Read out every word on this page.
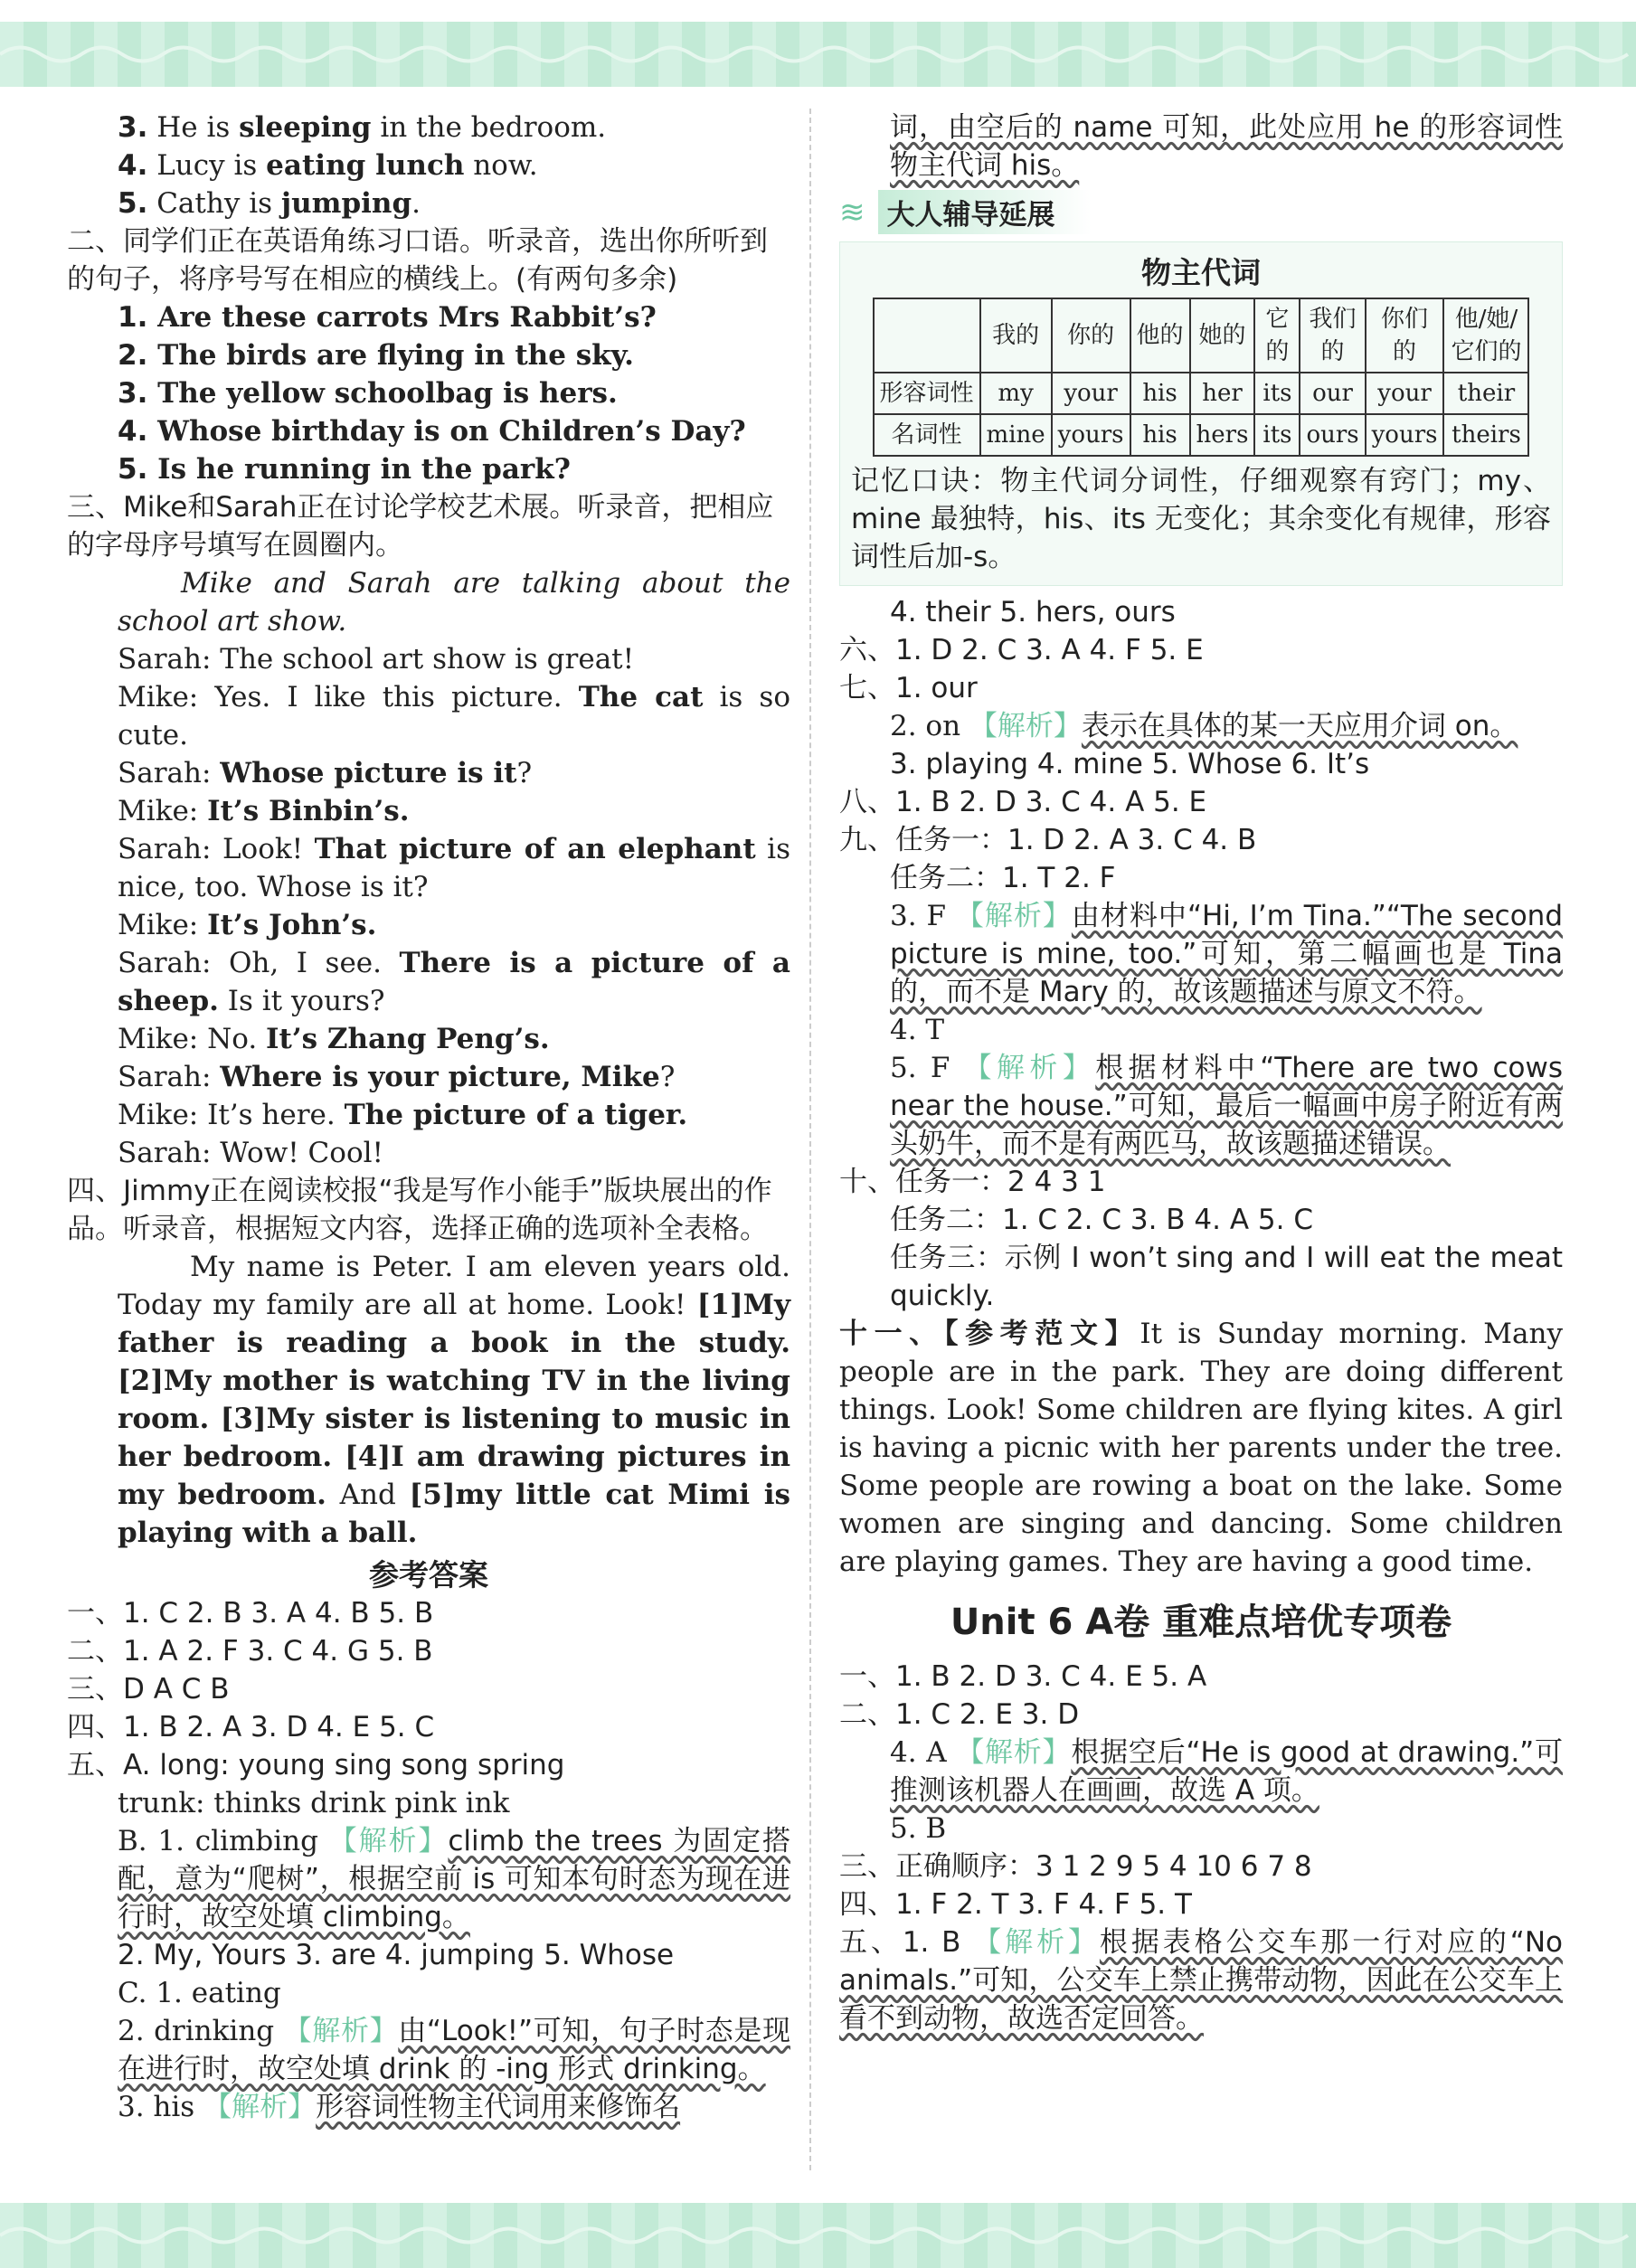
3. He is sleeping in the bedroom.
4. Lucy is eating lunch now.
5. Cathy is jumping.
二、同学们正在英语角练习口语。听录音，选出你所听到的句子，将序号写在相应的横线上。(有两句多余)
1. Are these carrots Mrs Rabbit’s?
2. The birds are flying in the sky.
3. The yellow schoolbag is hers.
4. Whose birthday is on Children’s Day?
5. Is he running in the park?
三、Mike和Sarah正在讨论学校艺术展。听录音，把相应的字母序号填写在圆圈内。
Mike and Sarah are talking about the school art show.
Sarah: The school art show is great!
Mike: Yes. I like this picture. The cat is so cute.
Sarah: Whose picture is it?
Mike: It’s Binbin’s.
Sarah: Look! That picture of an elephant is nice, too. Whose is it?
Mike: It’s John’s.
Sarah: Oh, I see. There is a picture of a sheep. Is it yours?
Mike: No. It’s Zhang Peng’s.
Sarah: Where is your picture, Mike?
Mike: It’s here. The picture of a tiger.
Sarah: Wow! Cool!
四、Jimmy正在阅读校报“我是写作小能手”版块展出的作品。听录音，根据短文内容，选择正确的选项补全表格。
My name is Peter. I am eleven years old. Today my family are all at home. Look! [1]My father is reading a book in the study. [2]My mother is watching TV in the living room. [3]My sister is listening to music in her bedroom. [4]I am drawing pictures in my bedroom. And [5]my little cat Mimi is playing with a ball.
参考答案
一、1. C 2. B 3. A 4. B 5. B
二、1. A 2. F 3. C 4. G 5. B
三、D A C B
四、1. B 2. A 3. D 4. E 5. C
五、A. long: young sing song spring
trunk: thinks drink pink ink
B. 1. climbing 【解析】climb the trees 为固定搭配，意为“爬树”，根据空前 is 可知本句时态为现在进行时，故空处填 climbing。
2. My, Yours 3. are 4. jumping 5. Whose
C. 1. eating
2. drinking 【解析】由“Look!”可知，句子时态是现在进行时，故空处填 drink 的 -ing 形式 drinking。
3. his 【解析】形容词性物主代词用来修饰名
词，由空后的 name 可知，此处应用 he 的形容词性物主代词 his。
≋ 大人辅导延展
物主代词
	我的	你的	他的	她的	它的	我们的	你们的	他/她/它们的
形容词性	my	your	his	her	its	our	your	their
名词性	mine	yours	his	hers	its	ours	yours	theirs
记忆口诀：物主代词分词性，仔细观察有窍门；my、mine 最独特，his、its 无变化；其余变化有规律，形容词性后加-s。
4. their 5. hers, ours
六、1. D 2. C 3. A 4. F 5. E
七、1. our
2. on 【解析】表示在具体的某一天应用介词 on。
3. playing 4. mine 5. Whose 6. It’s
八、1. B 2. D 3. C 4. A 5. E
九、任务一：1. D 2. A 3. C 4. B
任务二：1. T 2. F
3. F 【解析】由材料中“Hi, I’m Tina.”“The second picture is mine, too.”可知，第二幅画也是 Tina 的，而不是 Mary 的，故该题描述与原文不符。
4. T
5. F 【解析】根据材料中“There are two cows near the house.”可知，最后一幅画中房子附近有两头奶牛，而不是有两匹马，故该题描述错误。
十、任务一：2 4 3 1
任务二：1. C 2. C 3. B 4. A 5. C
任务三：示例 I won’t sing and I will eat the meat quickly.
十一、【参考范文】It is Sunday morning. Many people are in the park. They are doing different things. Look! Some children are flying kites. A girl is having a picnic with her parents under the tree. Some people are rowing a boat on the lake. Some women are singing and dancing. Some children are playing games. They are having a good time.
Unit 6 A卷 重难点培优专项卷
一、1. B 2. D 3. C 4. E 5. A
二、1. C 2. E 3. D
4. A 【解析】根据空后“He is good at drawing.”可推测该机器人在画画，故选 A 项。
5. B
三、正确顺序：3 1 2 9 5 4 10 6 7 8
四、1. F 2. T 3. F 4. F 5. T
五、1. B 【解析】根据表格公交车那一行对应的“No animals.”可知，公交车上禁止携带动物，因此在公交车上看不到动物，故选否定回答。
